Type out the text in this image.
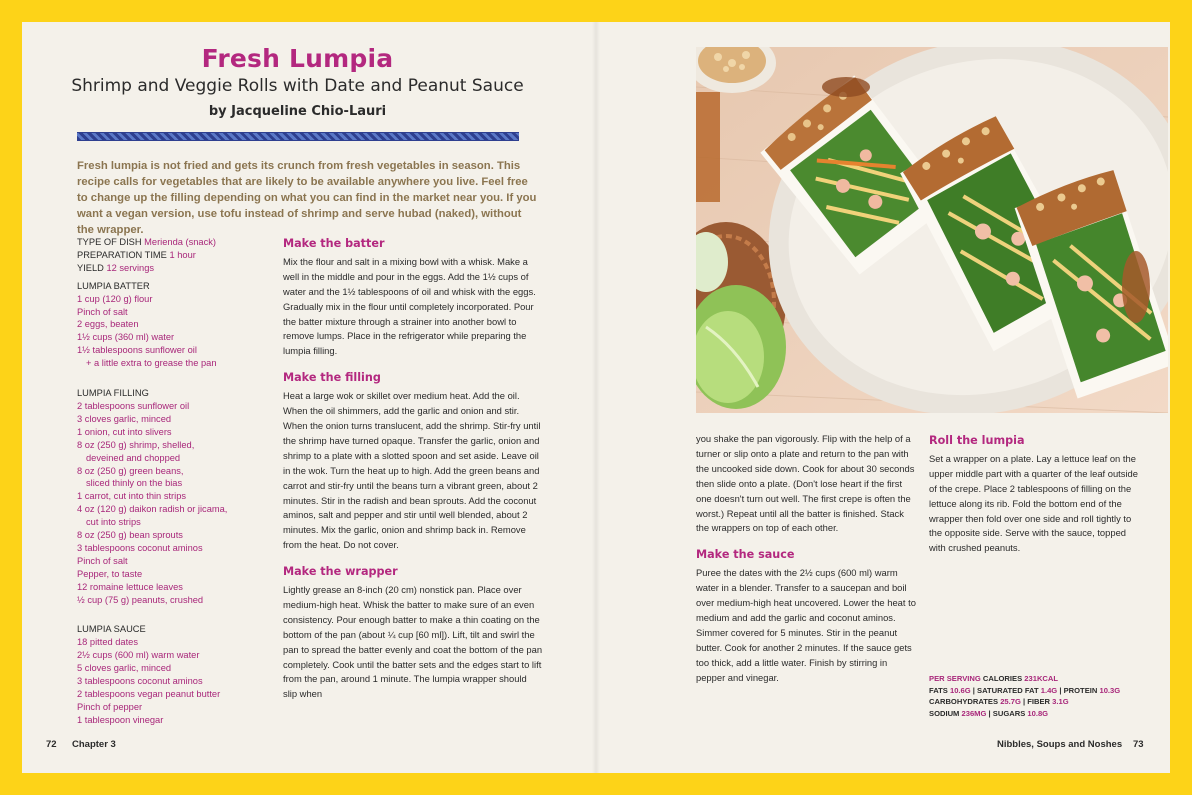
Fresh Lumpia
Shrimp and Veggie Rolls with Date and Peanut Sauce
by Jacqueline Chio-Lauri
Fresh lumpia is not fried and gets its crunch from fresh vegetables in season. This recipe calls for vegetables that are likely to be available anywhere you live. Feel free to change up the filling depending on what you can find in the market near you. If you want a vegan version, use tofu instead of shrimp and serve hubad (naked), without the wrapper.
TYPE OF DISH Merienda (snack)
PREPARATION TIME 1 hour
YIELD 12 servings
LUMPIA BATTER
1 cup (120 g) flour
Pinch of salt
2 eggs, beaten
1½ cups (360 ml) water
1½ tablespoons sunflower oil
+ a little extra to grease the pan
LUMPIA FILLING
2 tablespoons sunflower oil
3 cloves garlic, minced
1 onion, cut into slivers
8 oz (250 g) shrimp, shelled,
deveined and chopped
8 oz (250 g) green beans,
sliced thinly on the bias
1 carrot, cut into thin strips
4 oz (120 g) daikon radish or jicama,
cut into strips
8 oz (250 g) bean sprouts
3 tablespoons coconut aminos
Pinch of salt
Pepper, to taste
12 romaine lettuce leaves
½ cup (75 g) peanuts, crushed
LUMPIA SAUCE
18 pitted dates
2½ cups (600 ml) warm water
5 cloves garlic, minced
3 tablespoons coconut aminos
2 tablespoons vegan peanut butter
Pinch of pepper
1 tablespoon vinegar
Make the batter
Mix the flour and salt in a mixing bowl with a whisk. Make a well in the middle and pour in the eggs. Add the 1½ cups of water and the 1½ tablespoons of oil and whisk with the eggs. Gradually mix in the flour until completely incorporated. Pour the batter mixture through a strainer into another bowl to remove lumps. Place in the refrigerator while preparing the lumpia filling.
Make the filling
Heat a large wok or skillet over medium heat. Add the oil. When the oil shimmers, add the garlic and onion and stir. When the onion turns translucent, add the shrimp. Stir-fry until the shrimp have turned opaque. Transfer the garlic, onion and shrimp to a plate with a slotted spoon and set aside. Leave oil in the wok. Turn the heat up to high. Add the green beans and carrot and stir-fry until the beans turn a vibrant green, about 2 minutes. Stir in the radish and bean sprouts. Add the coconut aminos, salt and pepper and stir until well blended, about 2 minutes. Mix the garlic, onion and shrimp back in. Remove from the heat. Do not cover.
Make the wrapper
Lightly grease an 8-inch (20 cm) nonstick pan. Place over medium-high heat. Whisk the batter to make sure of an even consistency. Pour enough batter to make a thin coating on the bottom of the pan (about ¼ cup [60 ml]). Lift, tilt and swirl the pan to spread the batter evenly and coat the bottom of the pan completely. Cook until the batter sets and the edges start to lift from the pan, around 1 minute. The lumpia wrapper should slip when
72 Chapter 3
you shake the pan vigorously. Flip with the help of a turner or slip onto a plate and return to the pan with the uncooked side down. Cook for about 30 seconds then slide onto a plate. (Don't lose heart if the first one doesn't turn out well. The first crepe is often the worst.) Repeat until all the batter is finished. Stack the wrappers on top of each other.
Make the sauce
Puree the dates with the 2½ cups (600 ml) warm water in a blender. Transfer to a saucepan and boil over medium-high heat uncovered. Lower the heat to medium and add the garlic and coconut aminos. Simmer covered for 5 minutes. Stir in the peanut butter. Cook for another 2 minutes. If the sauce gets too thick, add a little water. Finish by stirring in pepper and vinegar.
Roll the lumpia
Set a wrapper on a plate. Lay a lettuce leaf on the upper middle part with a quarter of the leaf outside of the crepe. Place 2 tablespoons of filling on the lettuce along its rib. Fold the bottom end of the wrapper then fold over one side and roll tightly to the opposite side. Serve with the sauce, topped with crushed peanuts.
PER SERVING CALORIES 231KCAL
FATS 10.6G | SATURATED FAT 1.4G | PROTEIN 10.3G
CARBOHYDRATES 25.7G | FIBER 3.1G
SODIUM 236MG | SUGARS 10.8G
Nibbles, Soups and Noshes 73
